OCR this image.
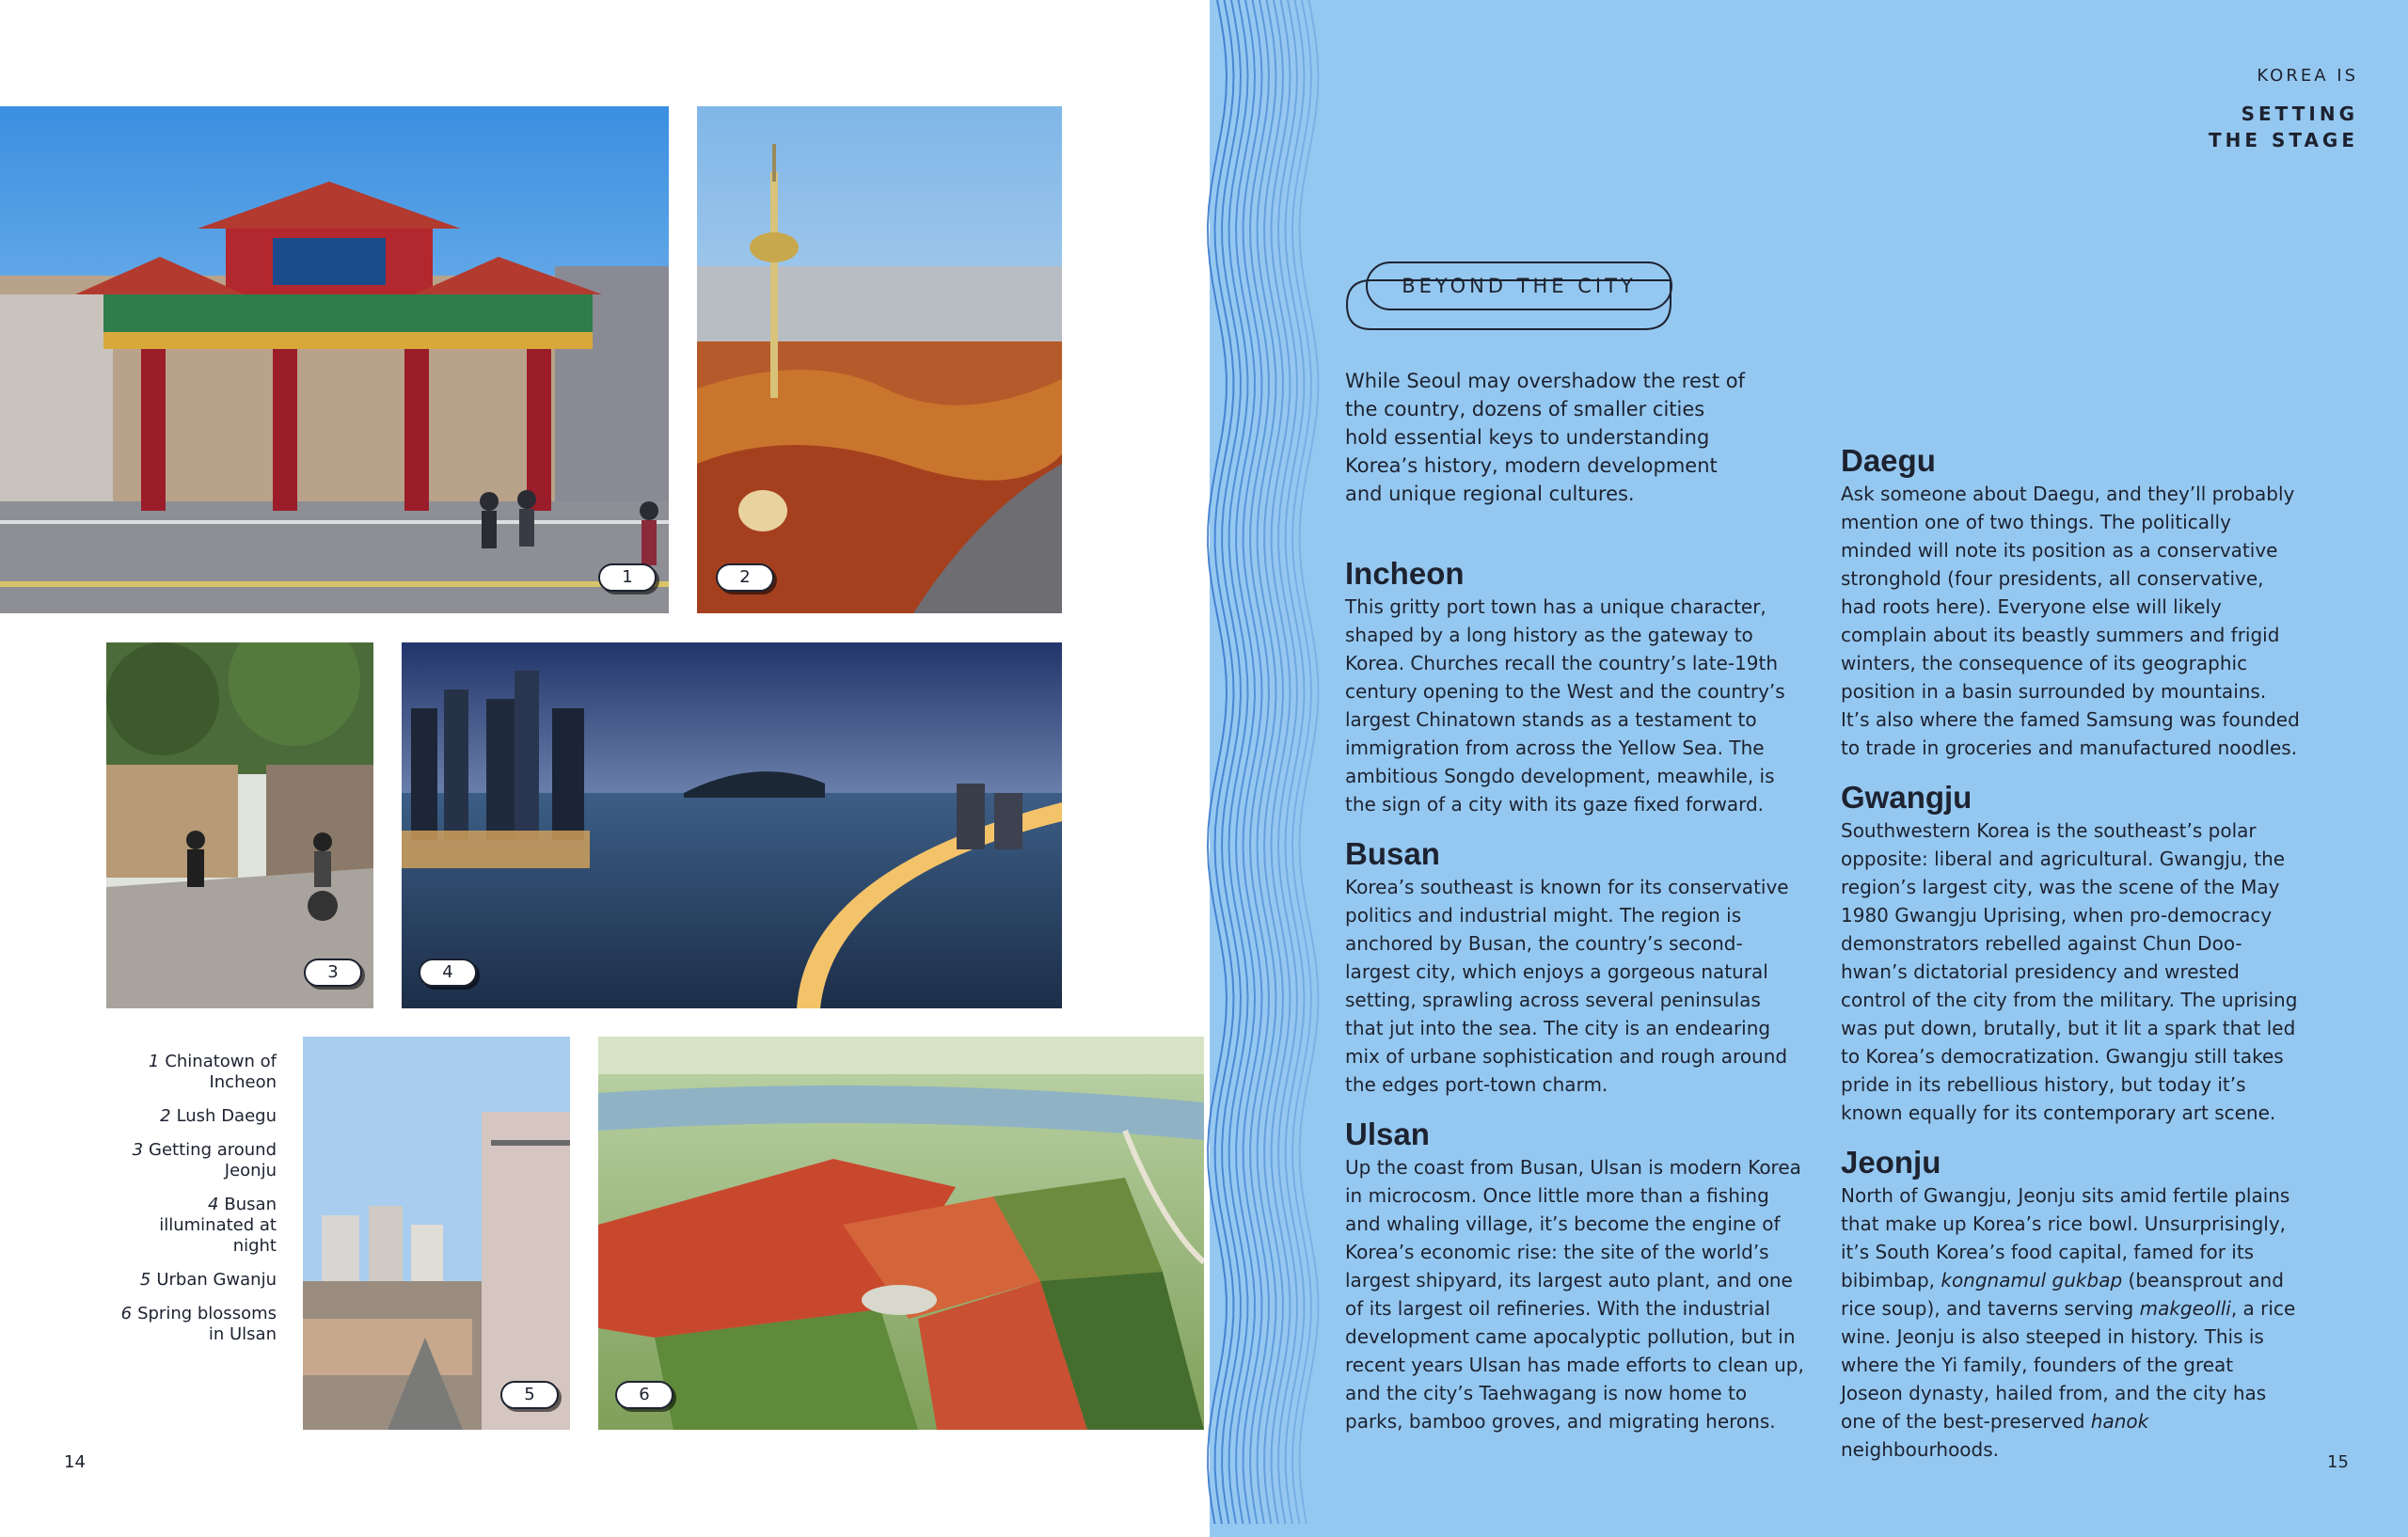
1	2
3	4
1 Chinatown of Incheon
2 Lush Daegu
3 Getting around Jeonju
4 Busan illuminated at night
5 Urban Gwanju
6 Spring blossoms in Ulsan
5	6
14
KOREA IS
SETTING
THE STAGE
BEYOND THE CITY
While Seoul may overshadow the rest of the country, dozens of smaller cities hold essential keys to understanding Korea’s history, modern development and unique regional cultures.
Incheon

This gritty port town has a unique character, shaped by a long history as the gateway to Korea. Churches recall the country’s late-19th century opening to the West and the country’s largest Chinatown stands as a testament to immigration from across the Yellow Sea. The ambitious Songdo development, meawhile, is the sign of a city with its gaze fixed forward.

Busan

Korea’s southeast is known for its conservative politics and industrial might. The region is anchored by Busan, the country’s second-largest city, which enjoys a gorgeous natural setting, sprawling across several peninsulas that jut into the sea. The city is an endearing mix of urbane sophistication and rough around the edges port-town charm.

Ulsan

Up the coast from Busan, Ulsan is modern Korea in microcosm. Once little more than a fishing and whaling village, it’s become the engine of Korea’s economic rise: the site of the world’s largest shipyard, its largest auto plant, and one of its largest oil refineries. With the industrial development came apocalyptic pollution, but in recent years Ulsan has made efforts to clean up, and the city’s Taehwagang is now home to parks, bamboo groves, and migrating herons.

Daegu

Ask someone about Daegu, and they’ll probably mention one of two things. The politically minded will note its position as a conservative stronghold (four presidents, all conservative, had roots here). Everyone else will likely complain about its beastly summers and frigid winters, the consequence of its geographic position in a basin surrounded by mountains. It’s also where the famed Samsung was founded to trade in groceries and manufactured noodles.

Gwangju

Southwestern Korea is the southeast’s polar opposite: liberal and agricultural. Gwangju, the region’s largest city, was the scene of the May 1980 Gwangju Uprising, when pro-democracy demonstrators rebelled against Chun Doo-hwan’s dictatorial presidency and wrested control of the city from the military. The uprising was put down, brutally, but it lit a spark that led to Korea’s democratization. Gwangju still takes pride in its rebellious history, but today it’s known equally for its contemporary art scene.

Jeonju

North of Gwangju, Jeonju sits amid fertile plains that make up Korea’s rice bowl. Unsurprisingly, it’s South Korea’s food capital, famed for its bibimbap, kongnamul gukbap (beansprout and rice soup), and taverns serving makgeolli, a rice wine. Jeonju is also steeped in history. This is where the Yi family, founders of the great Joseon dynasty, hailed from, and the city has one of the best-preserved hanok neighbourhoods.

15
